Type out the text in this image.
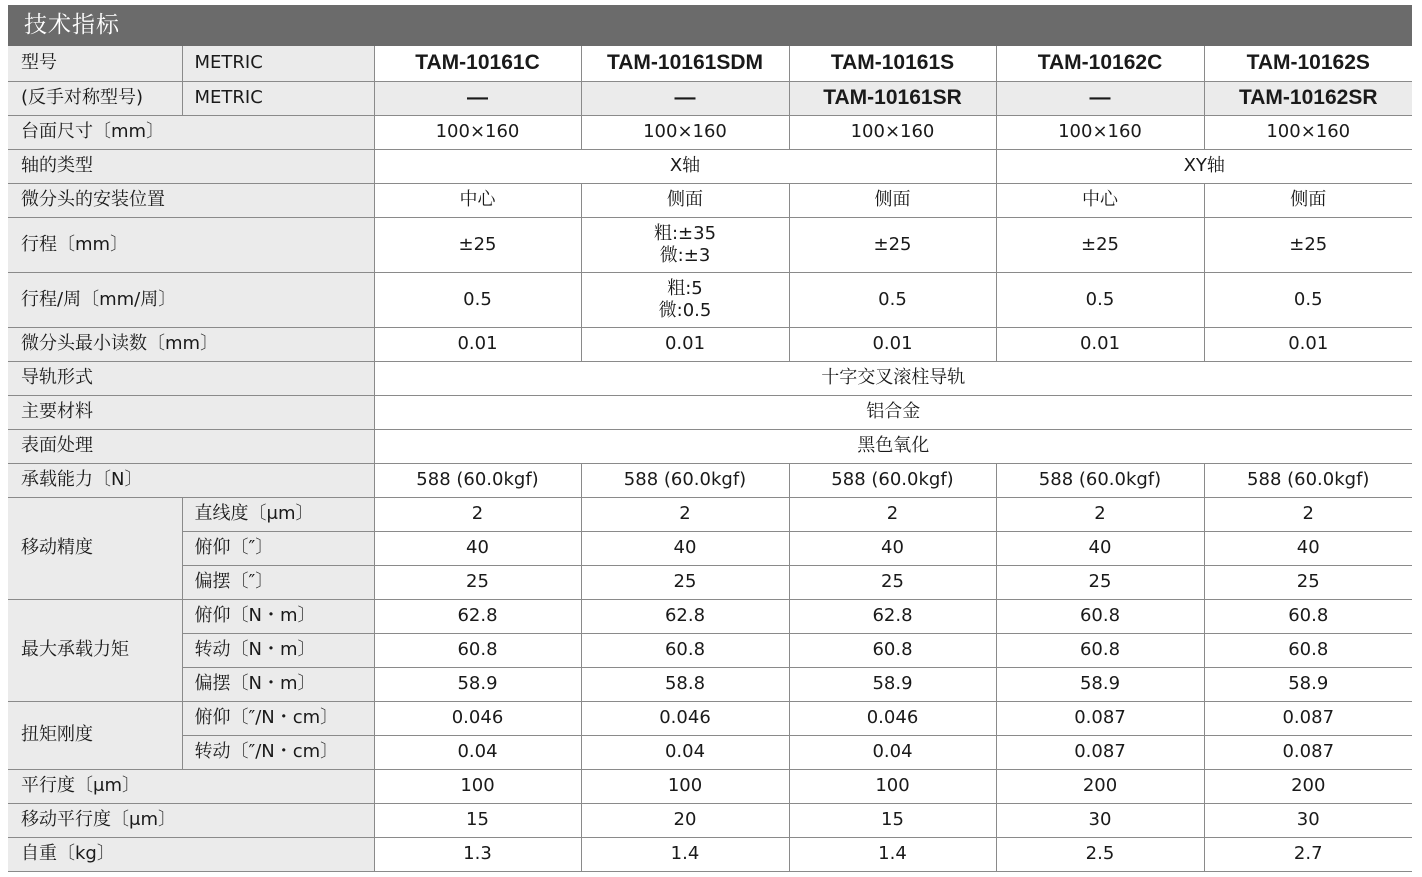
技术指标
型号	METRIC	TAM-10161C	TAM-10161SDM	TAM-10161S	TAM-10162C	TAM-10162S
(反手对称型号)	METRIC	—	—	TAM-10161SR	—	TAM-10162SR
台面尺寸〔mm〕		100×160	100×160	100×160	100×160	100×160
轴的类型		X轴			XY轴	
微分头的安装位置		中心	侧面	侧面	中心	侧面
行程〔mm〕		±25	粗:±35
微:±3	±25	±25	±25
行程/周〔mm/周〕		0.5	粗:5
微:0.5	0.5	0.5	0.5
微分头最小读数〔mm〕		0.01	0.01	0.01	0.01	0.01
导轨形式		十字交叉滚柱导轨				
主要材料		铝合金				
表面处理		黑色氧化				
承载能力〔N〕		588 (60.0kgf)	588 (60.0kgf)	588 (60.0kgf)	588 (60.0kgf)	588 (60.0kgf)
移动精度	直线度〔μm〕	2	2	2	2	2
	俯仰〔″〕	40	40	40	40	40
	偏摆〔″〕	25	25	25	25	25
最大承载力矩	俯仰〔N・m〕	62.8	62.8	62.8	60.8	60.8
	转动〔N・m〕	60.8	60.8	60.8	60.8	60.8
	偏摆〔N・m〕	58.9	58.8	58.9	58.9	58.9
扭矩刚度	俯仰〔″/N・cm〕	0.046	0.046	0.046	0.087	0.087
	转动〔″/N・cm〕	0.04	0.04	0.04	0.087	0.087
平行度〔μm〕		100	100	100	200	200
移动平行度〔μm〕		15	20	15	30	30
自重〔kg〕		1.3	1.4	1.4	2.5	2.7
